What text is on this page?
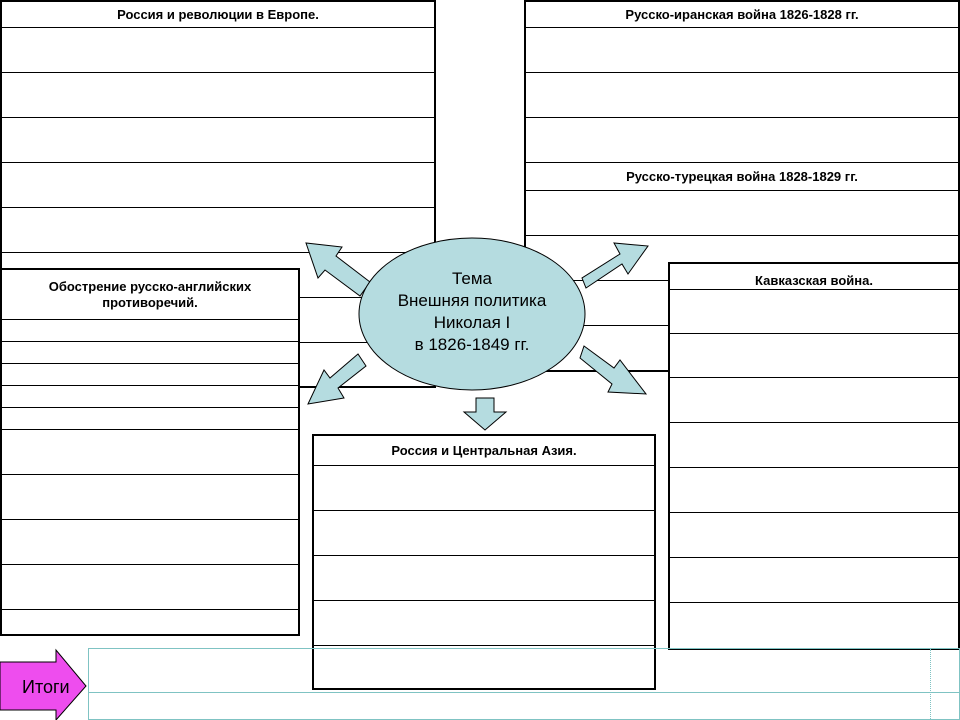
Россия и революции в Европе.	Русско-иранская война 1826-1828 гг.
Русско-турецкая война 1828-1829 гг.
Обострение русско-английских противоречий.
Кавказская война.
Россия и Центральная Азия.
Тема
Внешняя политика
Николая I
в 1826-1849 гг.
Итоги
